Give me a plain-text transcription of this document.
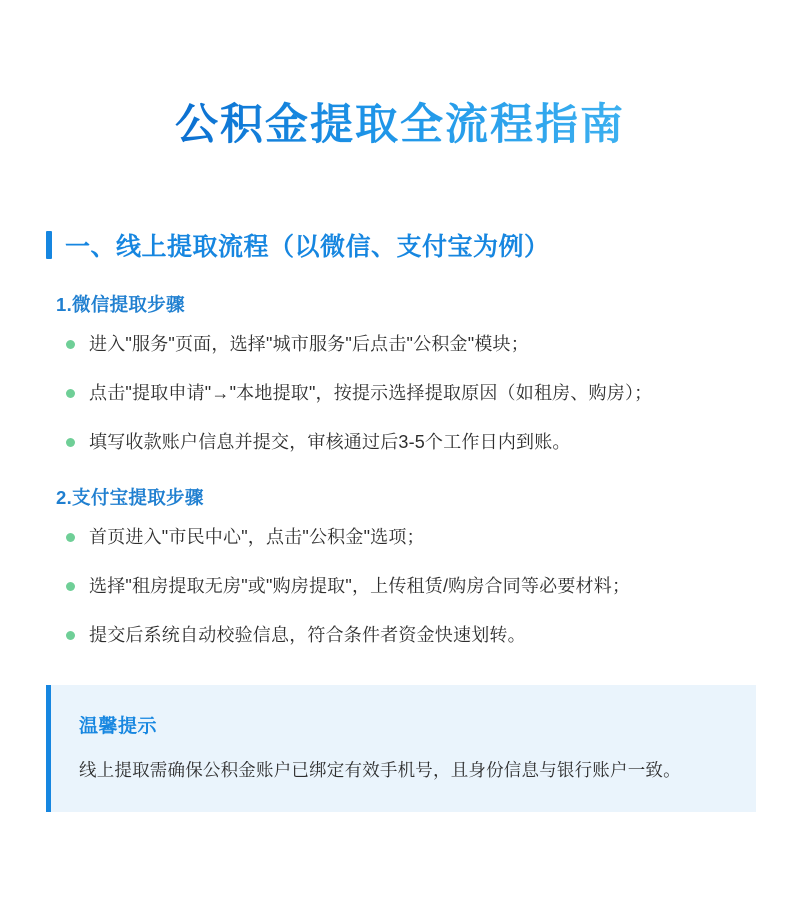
公积金提取全流程指南
一、线上提取流程（以微信、支付宝为例）
1.微信提取步骤
进入"服务"页面，选择"城市服务"后点击"公积金"模块；
点击"提取申请"→"本地提取"，按提示选择提取原因（如租房、购房）；
填写收款账户信息并提交，审核通过后3-5个工作日内到账。
2.支付宝提取步骤
首页进入"市民中心"，点击"公积金"选项；
选择"租房提取无房"或"购房提取"，上传租赁/购房合同等必要材料；
提交后系统自动校验信息，符合条件者资金快速划转。
温馨提示
线上提取需确保公积金账户已绑定有效手机号，且身份信息与银行账户一致。
